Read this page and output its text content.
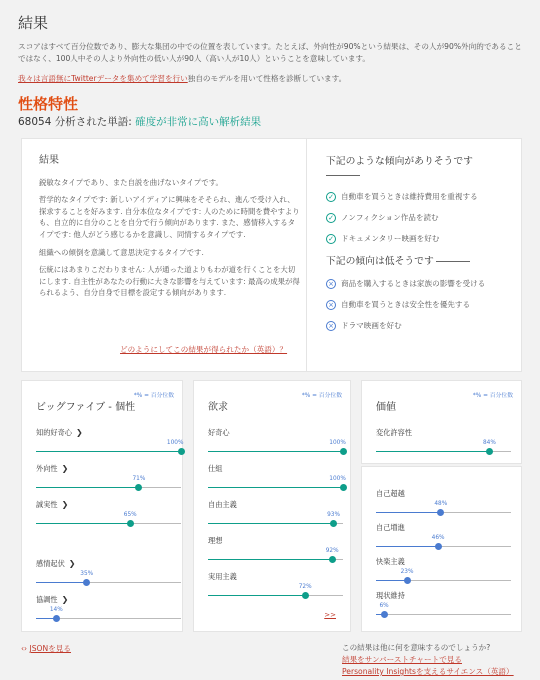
結果
スコアはすべて百分位数であり、膨大な集団の中での位置を表しています。たとえば、外向性が90%という結果は、その人が90%外向的であることではなく、100人中その人より外向性の低い人が90人（高い人が10人）ということを意味しています。
我々は言語無にTwitterデータを集めて学習を行い独自のモデルを用いて性格を診断しています。
性格特性
68054 分析された単語: 確度が非常に高い解析結果
結果

鋭敏なタイプであり、また自説を曲げないタイプです。

哲学的なタイプです: 新しいアイディアに興味をそそられ、進んで受け入れ、探求することを好みます. 自分本位なタイプです: 人のために時間を費やすよりも、自立的に自分のことを自分で行う傾向があります. また、感情移入するタイプです: 他人がどう感じるかを意識し、同情するタイプです.

組織への傾倒を意識して意思決定するタイプです.

伝統にはあまりこだわりません: 人が通った道よりもわが道を行くことを大切にします. 自主性があなたの行動に大きな影響を与えています: 最高の成果が得られるよう、自分自身で目標を設定する傾向があります.

どのようにしてこの結果が得られたか（英語）？
下記のような傾向がありそうです
✓ 自動車を買うときは維持費用を重視する
✓ ノンフィクション作品を読む
✓ ドキュメンタリー映画を好む
下記の傾向は低そうです
× 商品を購入するときは家族の影響を受ける
× 自動車を買うときは安全性を優先する
× ドラマ映画を好む
*% = 百分位数
ビッグファイブ - 個性
知的好奇心 ❯
100%
外向性 ❯
71%
誠実性 ❯
65%
感情起伏 ❯
35%
協調性 ❯
14%
*% = 百分位数
欲求
好奇心
100%
仕組
100%
自由主義
93%
理想
92%
実用主義
72%
>>
*% = 百分位数
価値
変化許容性
84%
自己超越
48%
自己増進
46%
快楽主義
23%
現状維持
6%
‹› JSONを見る	この結果は他に何を意味するのでしょうか?
結果をサンバーストチャートで見る
Personality Insightsを支えるサイエンス（英語）
